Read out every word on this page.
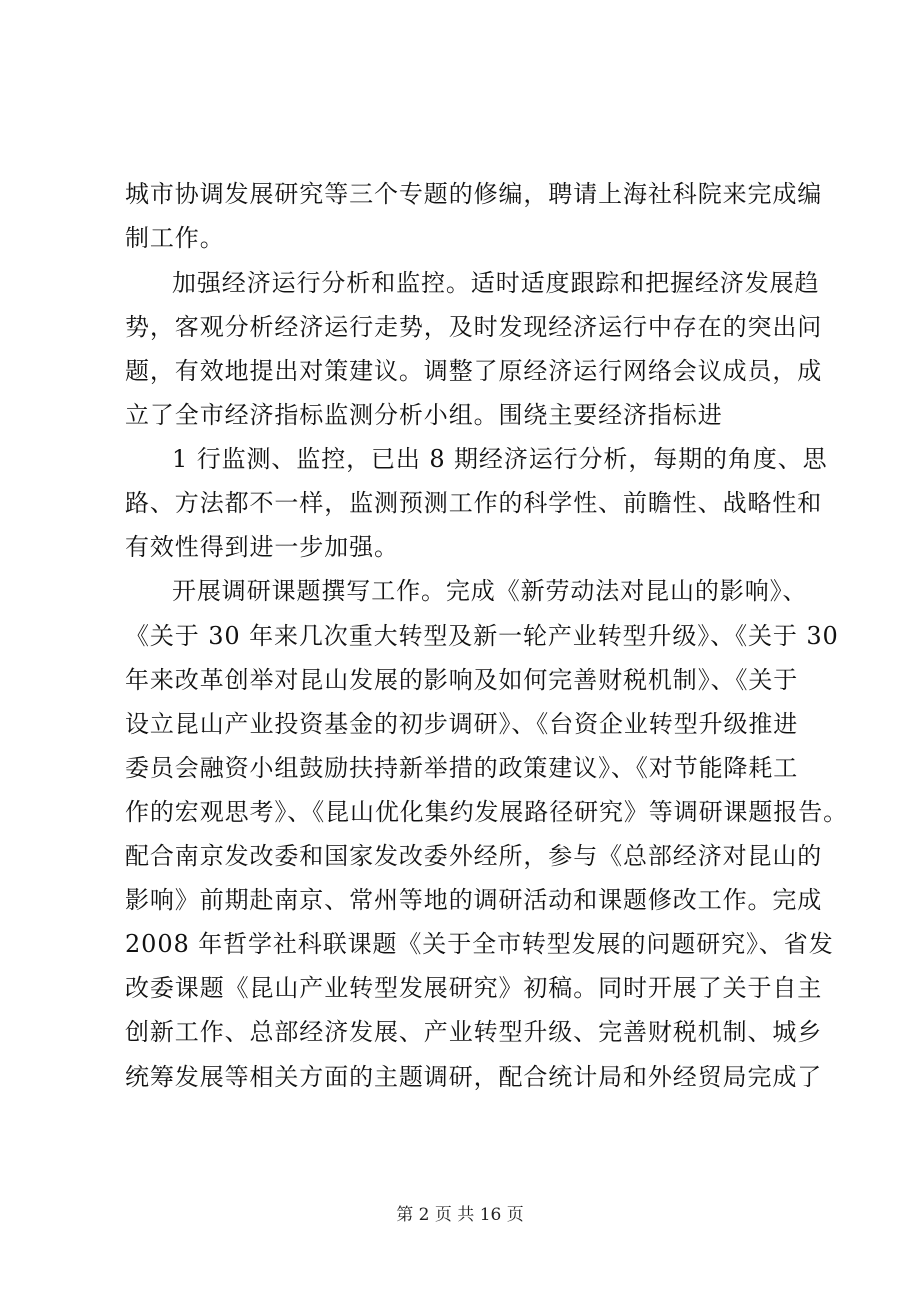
城市协调发展研究等三个专题的修编，聘请上海社科院来完成编
制工作。
加强经济运行分析和监控。适时适度跟踪和把握经济发展趋
势，客观分析经济运行走势，及时发现经济运行中存在的突出问
题，有效地提出对策建议。调整了原经济运行网络会议成员，成
立了全市经济指标监测分析小组。围绕主要经济指标进
1 行监测、监控，已出 8 期经济运行分析，每期的角度、思
路、方法都不一样，监测预测工作的科学性、前瞻性、战略性和
有效性得到进一步加强。
开展调研课题撰写工作。完成《新劳动法对昆山的影响》、
《关于 30 年来几次重大转型及新一轮产业转型升级》、《关于 30
年来改革创举对昆山发展的影响及如何完善财税机制》、《关于
设立昆山产业投资基金的初步调研》、《台资企业转型升级推进
委员会融资小组鼓励扶持新举措的政策建议》、《对节能降耗工
作的宏观思考》、《昆山优化集约发展路径研究》等调研课题报告。
配合南京发改委和国家发改委外经所，参与《总部经济对昆山的
影响》前期赴南京、常州等地的调研活动和课题修改工作。完成
2008 年哲学社科联课题《关于全市转型发展的问题研究》、省发
改委课题《昆山产业转型发展研究》初稿。同时开展了关于自主
创新工作、总部经济发展、产业转型升级、完善财税机制、城乡
统筹发展等相关方面的主题调研，配合统计局和外经贸局完成了
第 2 页 共 16 页
